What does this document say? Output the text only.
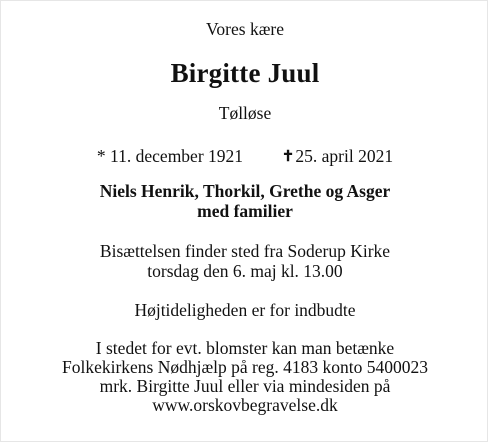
Vores kære
Birgitte Juul
Tølløse
* 11. december 1921	✝25. april 2021
Niels Henrik, Thorkil, Grethe og Asger
med familier
Bisættelsen finder sted fra Soderup Kirke
torsdag den 6. maj kl. 13.00
Højtideligheden er for indbudte
I stedet for evt. blomster kan man betænke
Folkekirkens Nødhjælp på reg. 4183 konto 5400023
mrk. Birgitte Juul eller via mindesiden på
www.orskovbegravelse.dk
